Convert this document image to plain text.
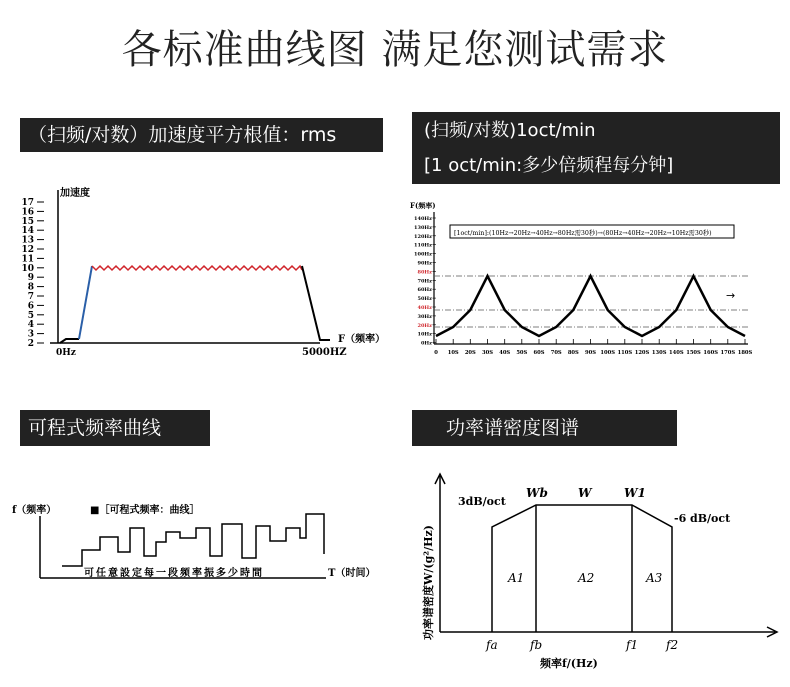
各标准曲线图 满足您测试需求
（扫频/对数）加速度平方根值：rms
加速度
17
16
15
14
13
12
11
10
9
8
7
6
5
4
3
2
0Hz	5000HZ
F（频率）
(扫频/对数)1oct/min
[1 oct/min:多少倍频程每分钟]
F(频率)
140Hz
130Hz
120Hz
110Hz
100Hz
90Hz
80Hz
70Hz
60Hz
50Hz
40Hz
30Hz
20Hz
10Hz
0Hz
[1oct/min]:(10Hz→20Hz→40Hz→80Hz需30秒)→(80Hz→40Hz→20Hz→10Hz需30秒)
→
0 10S 20S 30S 40S 50S 60S 70S 80S 90S 100S 110S 120S 130S 140S 150S 160S 170S 180S
可程式频率曲线
f（频率）	■［可程式频率：曲线］
可任意設定每一段频率振多少時間	T（时间）
功率谱密度图谱
功率谱密度W/(g²/Hz)
3dB/oct
-6 dB/oct
Wb	W	W1
A1	A2	A3
fa	fb	f1 f2
频率f/(Hz)
